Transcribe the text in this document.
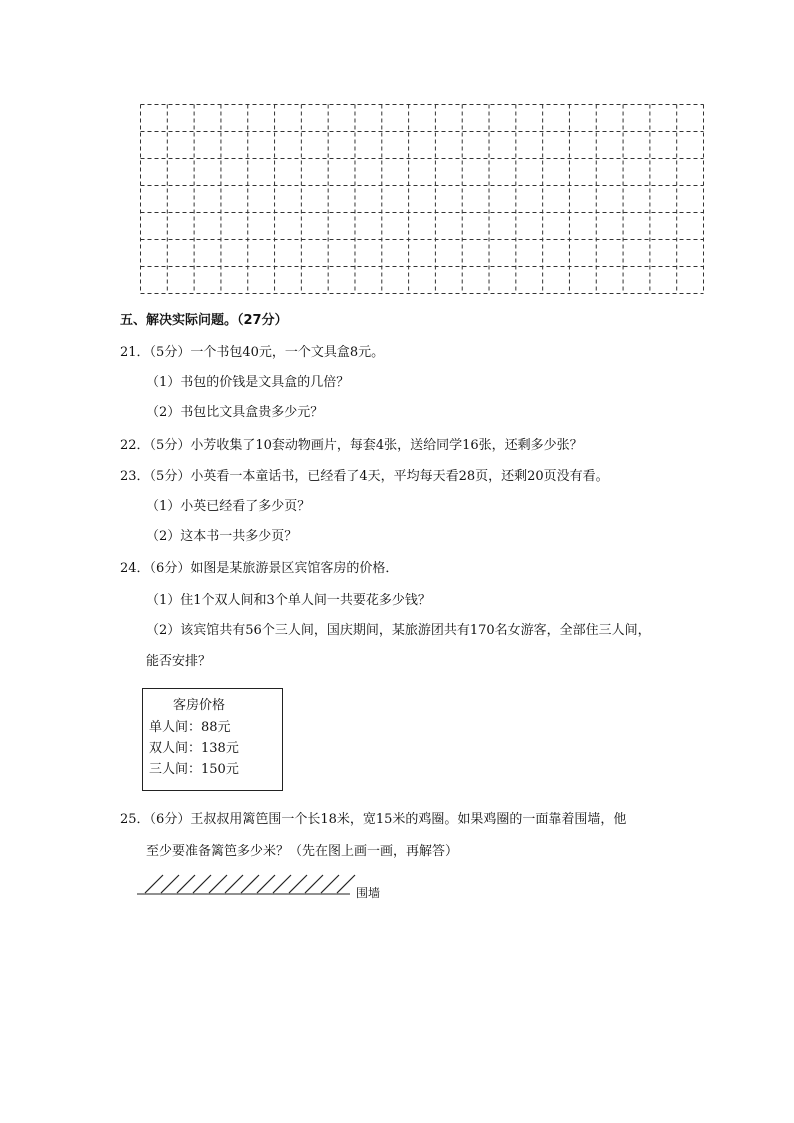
五、解决实际问题。（27分）
21．（5分）一个书包40元，一个文具盒8元。
（1）书包的价钱是文具盒的几倍？
（2）书包比文具盒贵多少元？
22．（5分）小芳收集了10套动物画片，每套4张，送给同学16张，还剩多少张？
23．（5分）小英看一本童话书，已经看了4天，平均每天看28页，还剩20页没有看。
（1）小英已经看了多少页？
（2）这本书一共多少页？
24．（6分）如图是某旅游景区宾馆客房的价格．
（1）住1个双人间和3个单人间一共要花多少钱？
（2）该宾馆共有56个三人间，国庆期间，某旅游团共有170名女游客，全部住三人间，
能否安排？
客房价格
单人间：88元
双人间：138元
三人间：150元
25．（6分）王叔叔用篱笆围一个长18米，宽15米的鸡圈。如果鸡圈的一面靠着围墙，他
至少要准备篱笆多少米？（先在图上画一画，再解答）
围墙
